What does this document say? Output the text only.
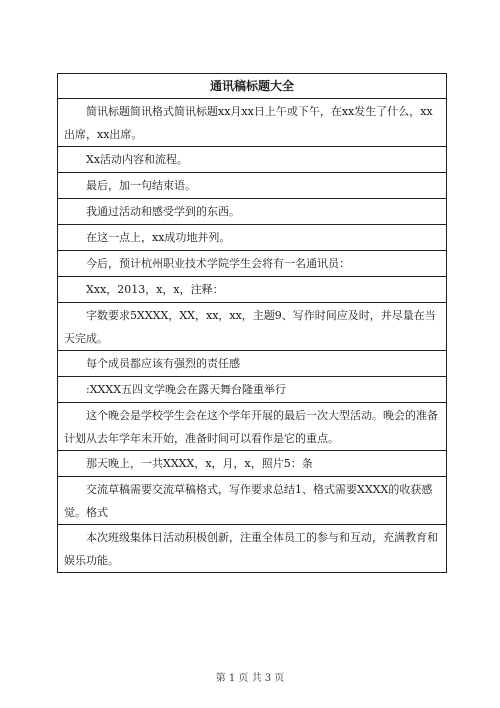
通讯稿标题大全
简讯标题简讯格式简讯标题xx月xx日上午或下午，在xx发生了什么，xx出席，xx出席。
Xx活动内容和流程。
最后，加一句结束语。
我通过活动和感受学到的东西。
在这一点上，xx成功地并列。
今后，预计杭州职业技术学院学生会将有一名通讯员：
Xxx，2013，x，x，注释：
字数要求5XXXX，XX，xx，xx，主题9、写作时间应及时，并尽量在当天完成。
每个成员都应该有强烈的责任感
:XXXX五四文学晚会在露天舞台隆重举行
这个晚会是学校学生会在这个学年开展的最后一次大型活动。晚会的准备计划从去年学年末开始，准备时间可以看作是它的重点。
那天晚上，一共XXXX，x，月，x，照片5：条
交流草稿需要交流草稿格式，写作要求总结1、格式需要XXXX的收获感觉。格式
本次班级集体日活动积极创新，注重全体员工的参与和互动，充满教育和娱乐功能。
第 1 页 共 3 页
